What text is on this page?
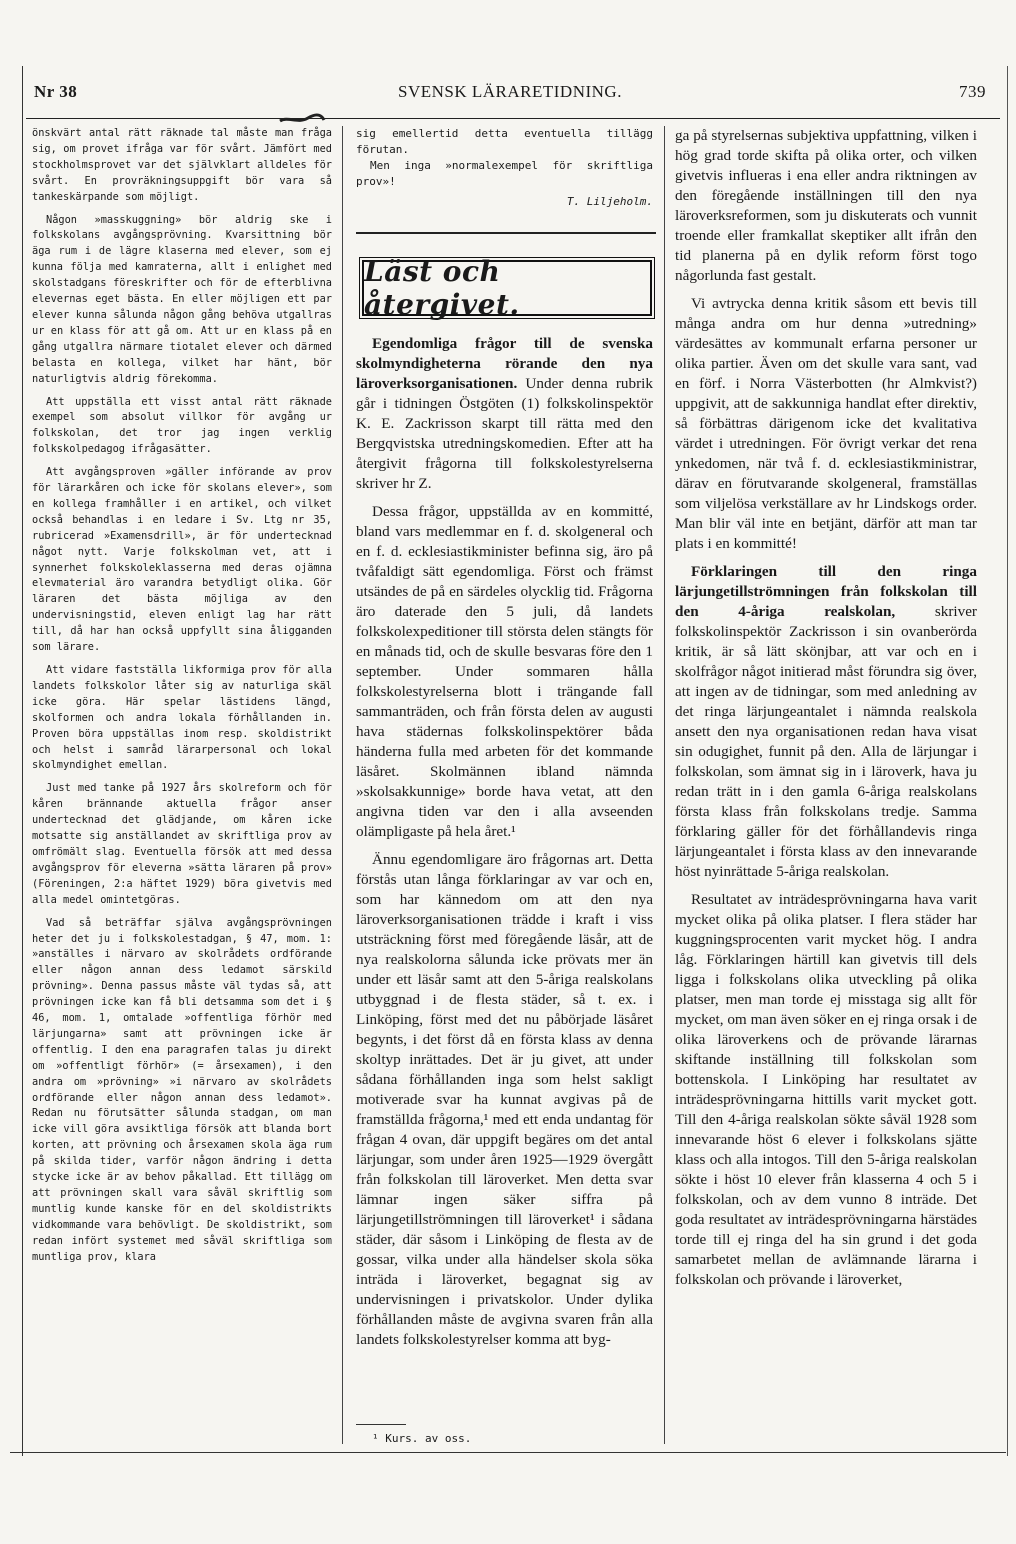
Nr 38	SVENSK LÄRARETIDNING.	739

önskvärt antal rätt räknade tal måste man fråga sig, om provet ifråga var för svårt. Jämfört med stockholmsprovet var det självklart alldeles för svårt. En provräkningsuppgift bör vara så tankeskärpande som möjligt.

Någon »masskuggning» bör aldrig ske i folkskolans avgångsprövning. Kvarsittning bör äga rum i de lägre klaserna med elever, som ej kunna följa med kamraterna, allt i enlighet med skolstadgans föreskrifter och för de efterblivna elevernas eget bästa. En eller möjligen ett par elever kunna sålunda någon gång behöva utgallras ur en klass för att gå om. Att ur en klass på en gång utgallra närmare tiotalet elever och därmed belasta en kollega, vilket har hänt, bör naturligtvis aldrig förekomma.

Att uppställa ett visst antal rätt räknade exempel som absolut villkor för avgång ur folkskolan, det tror jag ingen verklig folkskolpedagog ifrågasätter.

Att avgångsproven »gäller införande av prov för lärarkåren och icke för skolans elever», som en kollega framhåller i en artikel, och vilket också behandlas i en ledare i Sv. Ltg nr 35, rubricerad »Examensdrill», är för undertecknad något nytt. Varje folkskolman vet, att i synnerhet folkskoleklasserna med deras ojämna elevmaterial äro varandra betydligt olika. Gör läraren det bästa möjliga av den undervisningstid, eleven enligt lag har rätt till, då har han också uppfyllt sina åligganden som lärare.

Att vidare fastställa likformiga prov för alla landets folkskolor låter sig av naturliga skäl icke göra. Här spelar lästidens längd, skolformen och andra lokala förhållanden in. Proven böra uppställas inom resp. skoldistrikt och helst i samråd lärarpersonal och lokal skolmyndighet emellan.

Just med tanke på 1927 års skolreform och för kåren brännande aktuella frågor anser undertecknad det glädjande, om kåren icke motsatte sig anställandet av skriftliga prov av omfrömält slag. Eventuella försök att med dessa avgångsprov för eleverna »sätta läraren på prov» (Föreningen, 2:a häftet 1929) böra givetvis med alla medel omintetgöras.

Vad så beträffar själva avgångsprövningen heter det ju i folkskolestadgan, § 47, mom. 1: »anställes i närvaro av skolrådets ordförande eller någon annan dess ledamot särskild prövning». Denna passus måste väl tydas så, att prövningen icke kan få bli detsamma som det i § 46, mom. 1, omtalade »offentliga förhör med lärjungarna» samt att prövningen icke är offentlig. I den ena paragrafen talas ju direkt om »offentligt förhör» (= årsexamen), i den andra om »prövning» »i närvaro av skolrådets ordförande eller någon annan dess ledamot». Redan nu förutsätter sålunda stadgan, om man icke vill göra avsiktliga försök att blanda bort korten, att prövning och årsexamen skola äga rum på skilda tider, varför någon ändring i detta stycke icke är av behov påkallad. Ett tillägg om att prövningen skall vara såväl skriftlig som muntlig kunde kanske för en del skoldistrikts vidkommande vara behövligt. De skoldistrikt, som redan infört systemet med såväl skriftliga som muntliga prov, klara

sig emellertid detta eventuella tillägg förutan.
Men inga »normalexempel för skriftliga prov»!
T. Liljeholm.
Läst och återgivet.

Egendomliga frågor till de svenska skolmyndigheterna rörande den nya läroverksorganisationen. Under denna rubrik går i tidningen Östgöten (1) folkskolinspektör K. E. Zackrisson skarpt till rätta med den Bergqvistska utredningskomedien. Efter att ha återgivit frågorna till folkskolestyrelserna skriver hr Z.

Dessa frågor, uppställda av en kommitté, bland vars medlemmar en f. d. skolgeneral och en f. d. ecklesiastikminister befinna sig, äro på tvåfaldigt sätt egendomliga. Först och främst utsändes de på en särdeles olycklig tid. Frågorna äro daterade den 5 juli, då landets folkskolexpeditioner till största delen stängts för en månads tid, och de skulle besvaras före den 1 september. Under sommaren hålla folkskolestyrelserna blott i trängande fall sammanträden, och från första delen av augusti hava städernas folkskolinspektörer båda händerna fulla med arbeten för det kommande läsåret. Skolmännen ibland nämnda »skolsakkunnige» borde hava vetat, att den angivna tiden var den i alla avseenden olämpligaste på hela året.¹

Ännu egendomligare äro frågornas art. Detta förstås utan långa förklaringar av var och en, som har kännedom om att den nya läroverksorganisationen trädde i kraft i viss utsträckning först med föregående läsår, att de nya realskolorna sålunda icke prövats mer än under ett läsår samt att den 5-åriga realskolans utbyggnad i de flesta städer, så t. ex. i Linköping, först med det nu påbörjade läsåret begynts, i det först då en första klass av denna skoltyp inrättades. Det är ju givet, att under sådana förhållanden inga som helst sakligt motiverade svar ha kunnat avgivas på de framställda frågorna,¹ med ett enda undantag för frågan 4 ovan, där uppgift begäres om det antal lärjungar, som under åren 1925—1929 övergått från folkskolan till läroverket. Men detta svar lämnar ingen säker siffra på lärjungetillströmningen till läroverket¹ i sådana städer, där såsom i Linköping de flesta av de gossar, vilka under alla händelser skola söka inträda i läroverket, begagnat sig av undervisningen i privatskolor. Under dylika förhållanden måste de avgivna svaren från alla landets folkskolestyrelser komma att byg-

¹ Kurs. av oss.

ga på styrelsernas subjektiva uppfattning, vilken i hög grad torde skifta på olika orter, och vilken givetvis influeras i ena eller andra riktningen av den föregående inställningen till den nya läroverksreformen, som ju diskuterats och vunnit troende eller framkallat skeptiker allt ifrån den tid planerna på en dylik reform först togo någorlunda fast gestalt.

Vi avtrycka denna kritik såsom ett bevis till många andra om hur denna »utredning» värdesättes av kommunalt erfarna personer ur olika partier. Även om det skulle vara sant, vad en förf. i Norra Västerbotten (hr Almkvist?) uppgivit, att de sakkunniga handlat efter direktiv, så förbättras därigenom icke det kvalitativa värdet i utredningen. För övrigt verkar det rena ynkedomen, när två f. d. ecklesiastikministrar, därav en förutvarande skolgeneral, framställas som viljelösa verkställare av hr Lindskogs order. Man blir väl inte en betjänt, därför att man tar plats i en kommitté!

Förklaringen till den ringa lärjungetillströmningen från folkskolan till den 4-åriga realskolan, skriver folkskolinspektör Zackrisson i sin ovanberörda kritik, är så lätt skönjbar, att var och en i skolfrågor något initierad måst förundra sig över, att ingen av de tidningar, som med anledning av det ringa lärjungeantalet i nämnda realskola ansett den nya organisationen redan hava visat sin odugighet, funnit på den. Alla de lärjungar i folkskolan, som ämnat sig in i läroverk, hava ju redan trätt in i den gamla 6-åriga realskolans första klass från folkskolans tredje. Samma förklaring gäller för det förhållandevis ringa lärjungeantalet i första klass av den innevarande höst nyinrättade 5-åriga realskolan.

Resultatet av inträdesprövningarna hava varit mycket olika på olika platser. I flera städer har kuggningsprocenten varit mycket hög. I andra låg. Förklaringen härtill kan givetvis till dels ligga i folkskolans olika utveckling på olika platser, men man torde ej misstaga sig allt för mycket, om man även söker en ej ringa orsak i de olika läroverkens och de prövande lärarnas skiftande inställning till folkskolan som bottenskola. I Linköping har resultatet av inträdesprövningarna hittills varit mycket gott. Till den 4-åriga realskolan sökte såväl 1928 som innevarande höst 6 elever i folkskolans sjätte klass och alla intogos. Till den 5-åriga realskolan sökte i höst 10 elever från klasserna 4 och 5 i folkskolan, och av dem vunno 8 inträde. Det goda resultatet av inträdesprövningarna härstädes torde till ej ringa del ha sin grund i det goda samarbetet mellan de avlämnande lärarna i folkskolan och prövande i läroverket,
